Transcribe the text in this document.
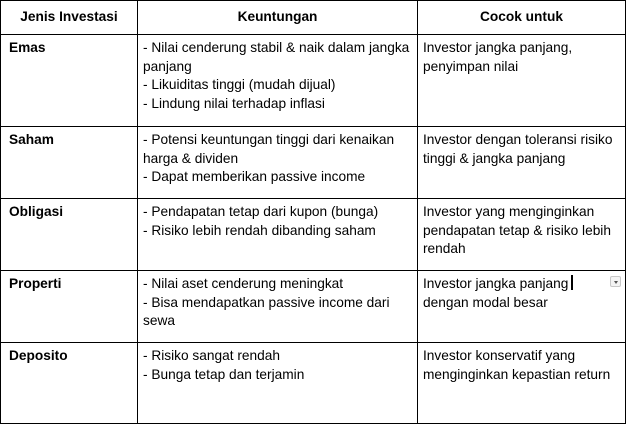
Jenis Investasi	Keuntungan	Cocok untuk
Emas	- Nilai cenderung stabil & naik dalam jangka panjang
- Likuiditas tinggi (mudah dijual)
- Lindung nilai terhadap inflasi	Investor jangka panjang, penyimpan nilai
Saham	- Potensi keuntungan tinggi dari kenaikan harga & dividen
- Dapat memberikan passive income	Investor dengan toleransi risiko tinggi & jangka panjang
Obligasi	- Pendapatan tetap dari kupon (bunga)
- Risiko lebih rendah dibanding saham	Investor yang menginginkan pendapatan tetap & risiko lebih rendah
Properti	- Nilai aset cenderung meningkat
- Bisa mendapatkan passive income dari sewa	Investor jangka panjang
dengan modal besar

Deposito	- Risiko sangat rendah
- Bunga tetap dan terjamin	Investor konservatif yang menginginkan kepastian return
